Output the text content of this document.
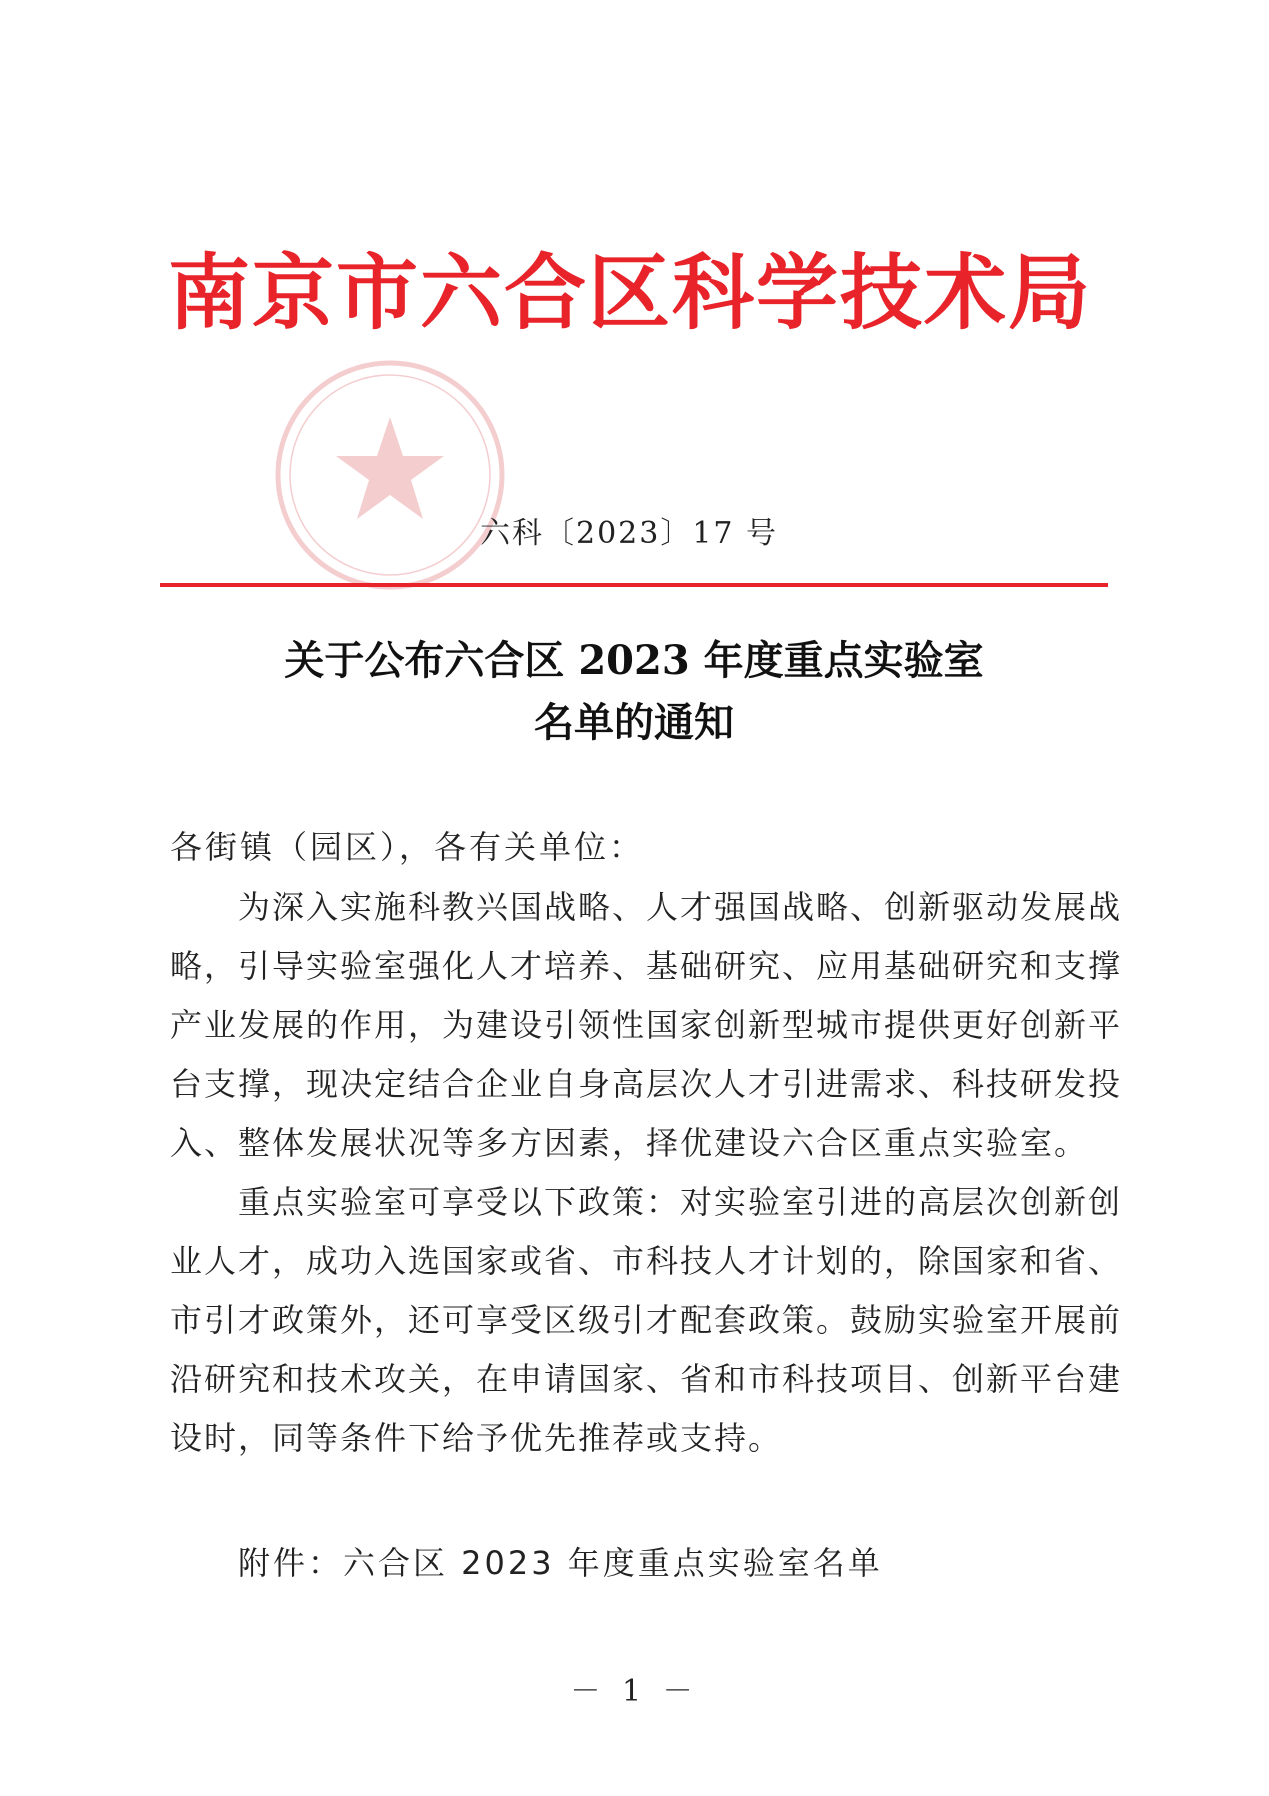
南京市六合区科学技术局
六科〔2023〕17 号
关于公布六合区 2023 年度重点实验室
名单的通知
各街镇（园区），各有关单位：
为深入实施科教兴国战略、人才强国战略、创新驱动发展战
略，引导实验室强化人才培养、基础研究、应用基础研究和支撑
产业发展的作用，为建设引领性国家创新型城市提供更好创新平
台支撑，现决定结合企业自身高层次人才引进需求、科技研发投
入、整体发展状况等多方因素，择优建设六合区重点实验室。
重点实验室可享受以下政策：对实验室引进的高层次创新创
业人才，成功入选国家或省、市科技人才计划的，除国家和省、
市引才政策外，还可享受区级引才配套政策。鼓励实验室开展前
沿研究和技术攻关，在申请国家、省和市科技项目、创新平台建
设时，同等条件下给予优先推荐或支持。
附件：六合区 2023 年度重点实验室名单
－ 1 －
